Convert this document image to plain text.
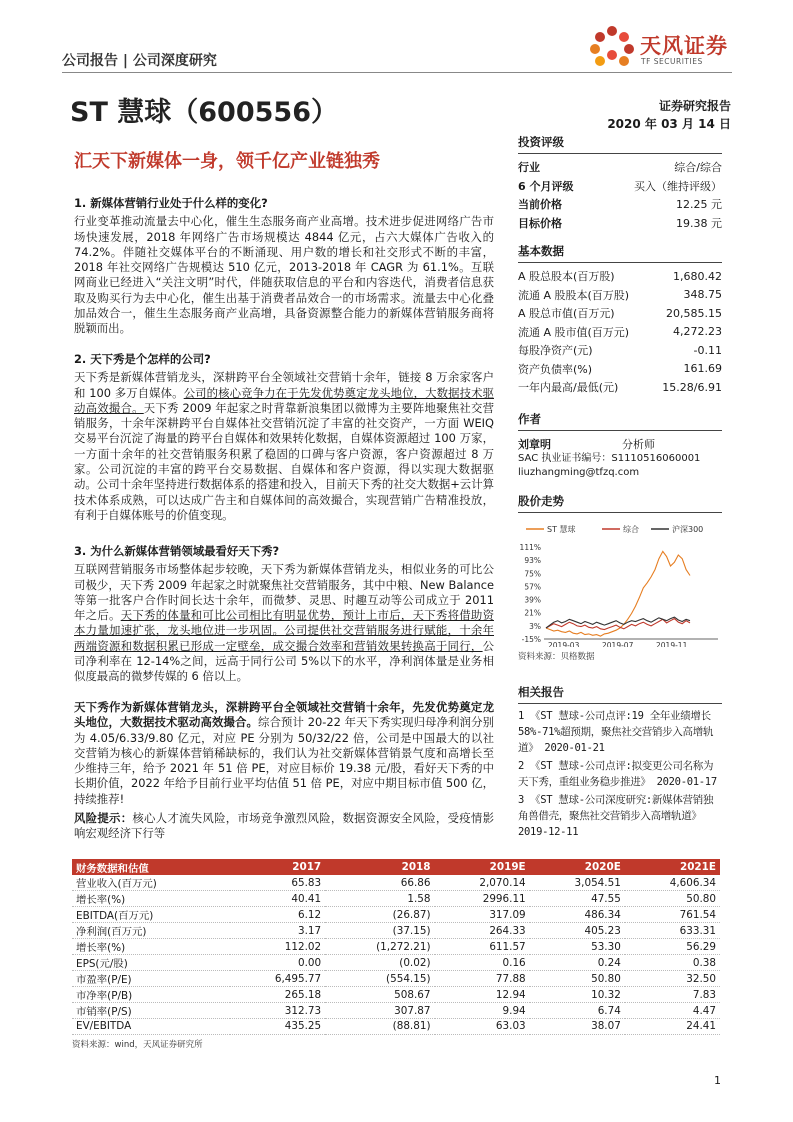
公司报告 | 公司深度研究
天风证券
TF SECURITIES
ST 慧球（600556）	证券研究报告
2020 年 03 月 14 日
汇天下新媒体一身，领千亿产业链独秀

1. 新媒体营销行业处于什么样的变化?

行业变革推动流量去中心化，催生生态服务商产业高增。技术进步促进网络广告市场快速发展，2018 年网络广告市场规模达 4844 亿元，占六大媒体广告收入的 74.2%。伴随社交媒体平台的不断涌现、用户数的增长和社交形式不断的丰富，2018 年社交网络广告规模达 510 亿元，2013-2018 年 CAGR 为 61.1%。互联网商业已经进入“关注文明”时代，伴随获取信息的平台和内容迭代，消费者信息获取及购买行为去中心化，催生出基于消费者品效合一的市场需求。流量去中心化叠加品效合一，催生生态服务商产业高增，具备资源整合能力的新媒体营销服务商将脱颖而出。

2. 天下秀是个怎样的公司?

天下秀是新媒体营销龙头，深耕跨平台全领域社交营销十余年，链接 8 万余家客户和 100 多万自媒体。公司的核心竞争力在于先发优势奠定龙头地位，大数据技术驱动高效撮合。天下秀 2009 年起家之时背靠新浪集团以微博为主要阵地聚焦社交营销服务，十余年深耕跨平台自媒体社交营销沉淀了丰富的社交资产，一方面 WEIQ 交易平台沉淀了海量的跨平台自媒体和效果转化数据，自媒体资源超过 100 万家，一方面十余年的社交营销服务积累了稳固的口碑与客户资源，客户资源超过 8 万家。公司沉淀的丰富的跨平台交易数据、自媒体和客户资源，得以实现大数据驱动。公司十余年坚持进行数据体系的搭建和投入，目前天下秀的社交大数据+云计算技术体系成熟，可以达成广告主和自媒体间的高效撮合，实现营销广告精准投放，有利于自媒体账号的价值变现。

3. 为什么新媒体营销领域最看好天下秀?

互联网营销服务市场整体起步较晚，天下秀为新媒体营销龙头，相似业务的可比公司极少，天下秀 2009 年起家之时就聚焦社交营销服务，其中中粮、New Balance 等第一批客户合作时间长达十余年，而微梦、灵思、时趣互动等公司成立于 2011 年之后。天下秀的体量和可比公司相比有明显优势，预计上市后，天下秀将借助资本力量加速扩张，龙头地位进一步巩固。公司提供社交营销服务进行赋能，十余年两端资源和数据积累已形成一定壁垒，成交撮合效率和营销效果转换高于同行，公司净利率在 12-14%之间，远高于同行公司 5%以下的水平，净利润体量是业务相似度最高的微梦传媒的 6 倍以上。

天下秀作为新媒体营销龙头，深耕跨平台全领域社交营销十余年，先发优势奠定龙头地位，大数据技术驱动高效撮合。综合预计 20-22 年天下秀实现归母净利润分别为 4.05/6.33/9.80 亿元，对应 PE 分别为 50/32/22 倍，公司是中国最大的以社交营销为核心的新媒体营销稀缺标的，我们认为社交新媒体营销景气度和高增长至少维持三年，给予 2021 年 51 倍 PE，对应目标价 19.38 元/股，看好天下秀的中长期价值，2022 年给予目前行业平均估值 51 倍 PE，对应中期目标市值 500 亿，持续推荐!

风险提示：核心人才流失风险，市场竞争激烈风险，数据资源安全风险，受疫情影响宏观经济下行等

财务数据和估值	2017	2018	2019E	2020E	2021E
营业收入(百万元)	65.83	66.86	2,070.14	3,054.51	4,606.34
增长率(%)	40.41	1.58	2996.11	47.55	50.80
EBITDA(百万元)	6.12	(26.87)	317.09	486.34	761.54
净利润(百万元)	3.17	(37.15)	264.33	405.23	633.31
增长率(%)	112.02	(1,272.21)	611.57	53.30	56.29
EPS(元/股)	0.00	(0.02)	0.16	0.24	0.38
市盈率(P/E)	6,495.77	(554.15)	77.88	50.80	32.50
市净率(P/B)	265.18	508.67	12.94	10.32	7.83
市销率(P/S)	312.73	307.87	9.94	6.74	4.47
EV/EBITDA	435.25	(88.81)	63.03	38.07	24.41
资料来源：wind，天风证券研究所
投资评级
行业	综合/综合
6 个月评级	买入（维持评级）
当前价格	12.25 元
目标价格	19.38 元
基本数据
A 股总股本(百万股)	1,680.42
流通 A 股股本(百万股)	348.75
A 股总市值(百万元)	20,585.15
流通 A 股市值(百万元)	4,272.23
每股净资产(元)	-0.11
资产负债率(%)	161.69
一年内最高/最低(元)	15.28/6.91
作者
刘章明	分析师
SAC 执业证书编号：S1110516060001
liuzhangming@tfzq.com
股价走势
ST 慧球	综合	沪深300
111%
93%
75%
57%
39%
21%
3%
-15%
2019-03	2019-07	2019-11
资料来源：贝格数据
相关报告
1 《ST 慧球-公司点评:19 全年业绩增长 58%-71%超预期，聚焦社交营销步入高增轨道》 2020-01-21
2 《ST 慧球-公司点评:拟变更公司名称为天下秀，重组业务稳步推进》 2020-01-17
3 《ST 慧球-公司深度研究:新媒体营销独角兽借壳，聚焦社交营销步入高增轨道》 2019-12-11
1
